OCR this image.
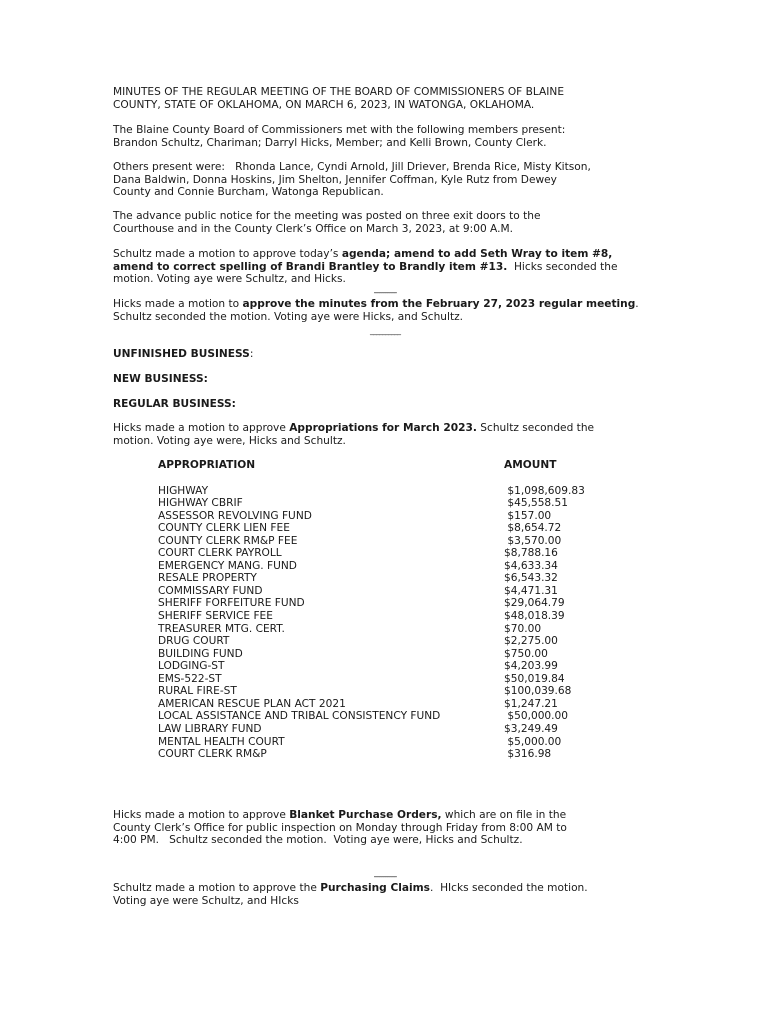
MINUTES OF THE REGULAR MEETING OF THE BOARD OF COMMISSIONERS OF BLAINE
COUNTY, STATE OF OKLAHOMA, ON MARCH 6, 2023, IN WATONGA, OKLAHOMA.
The Blaine County Board of Commissioners met with the following members present:
Brandon Schultz, Chariman; Darryl Hicks, Member; and Kelli Brown, County Clerk.
Others present were:   Rhonda Lance, Cyndi Arnold, Jill Driever, Brenda Rice, Misty Kitson,
Dana Baldwin, Donna Hoskins, Jim Shelton, Jennifer Coffman, Kyle Rutz from Dewey
County and Connie Burcham, Watonga Republican.
The advance public notice for the meeting was posted on three exit doors to the
Courthouse and in the County Clerk’s Office on March 3, 2023, at 9:00 A.M.
Schultz made a motion to approve today’s agenda; amend to add Seth Wray to item #8,
amend to correct spelling of Brandi Brantley to Brandly item #13.  Hicks seconded the
motion. Voting aye were Schultz, and Hicks.
------------
Hicks made a motion to approve the minutes from the February 27, 2023 regular meeting.
Schultz seconded the motion. Voting aye were Hicks, and Schultz.
__________
UNFINISHED BUSINESS:
NEW BUSINESS:
REGULAR BUSINESS:
Hicks made a motion to approve Appropriations for March 2023. Schultz seconded the
motion. Voting aye were, Hicks and Schultz.
APPROPRIATION	AMOUNT
HIGHWAY	$1,098,609.83
HIGHWAY CBRIF	$45,558.51
ASSESSOR REVOLVING FUND	$157.00
COUNTY CLERK LIEN FEE	$8,654.72
COUNTY CLERK RM&P FEE	$3,570.00
COURT CLERK PAYROLL	$8,788.16
EMERGENCY MANG. FUND	$4,633.34
RESALE PROPERTY	$6,543.32
COMMISSARY FUND	$4,471.31
SHERIFF FORFEITURE FUND	$29,064.79
SHERIFF SERVICE FEE	$48,018.39
TREASURER MTG. CERT.	$70.00
DRUG COURT	$2,275.00
BUILDING FUND	$750.00
LODGING-ST	$4,203.99
EMS-522-ST	$50,019.84
RURAL FIRE-ST	$100,039.68
AMERICAN RESCUE PLAN ACT 2021	$1,247.21
LOCAL ASSISTANCE AND TRIBAL CONSISTENCY FUND	$50,000.00
LAW LIBRARY FUND	$3,249.49
MENTAL HEALTH COURT	$5,000.00
COURT CLERK RM&P	$316.98
Hicks made a motion to approve Blanket Purchase Orders, which are on file in the
County Clerk’s Office for public inspection on Monday through Friday from 8:00 AM to
4:00 PM.   Schultz seconded the motion.  Voting aye were, Hicks and Schultz.
------------
Schultz made a motion to approve the Purchasing Claims.  HIcks seconded the motion.
Voting aye were Schultz, and HIcks
